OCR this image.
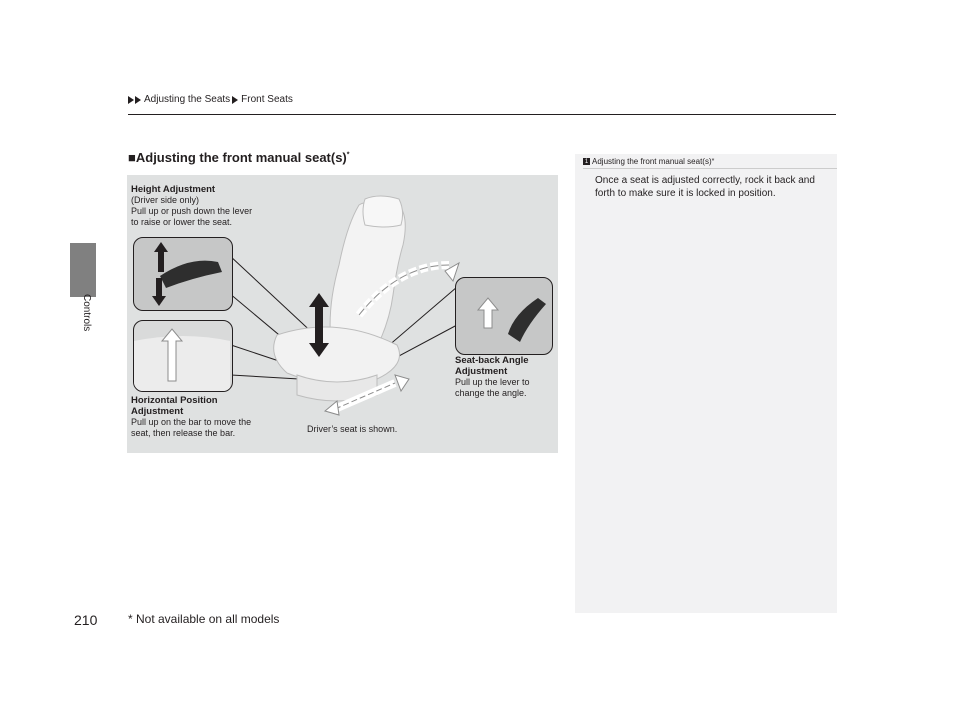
Adjusting the Seats Front Seats
Controls
■Adjusting the front manual seat(s)*
Height Adjustment
(Driver side only)
Pull up or push down the lever
to raise or lower the seat.
Horizontal Position
Adjustment
Pull up on the bar to move the
seat, then release the bar.
Seat-back Angle
Adjustment
Pull up the lever to
change the angle.
Driver’s seat is shown.
1 Adjusting the front manual seat(s) *
Once a seat is adjusted correctly, rock it back and forth to make sure it is locked in position.
210	* Not available on all models
